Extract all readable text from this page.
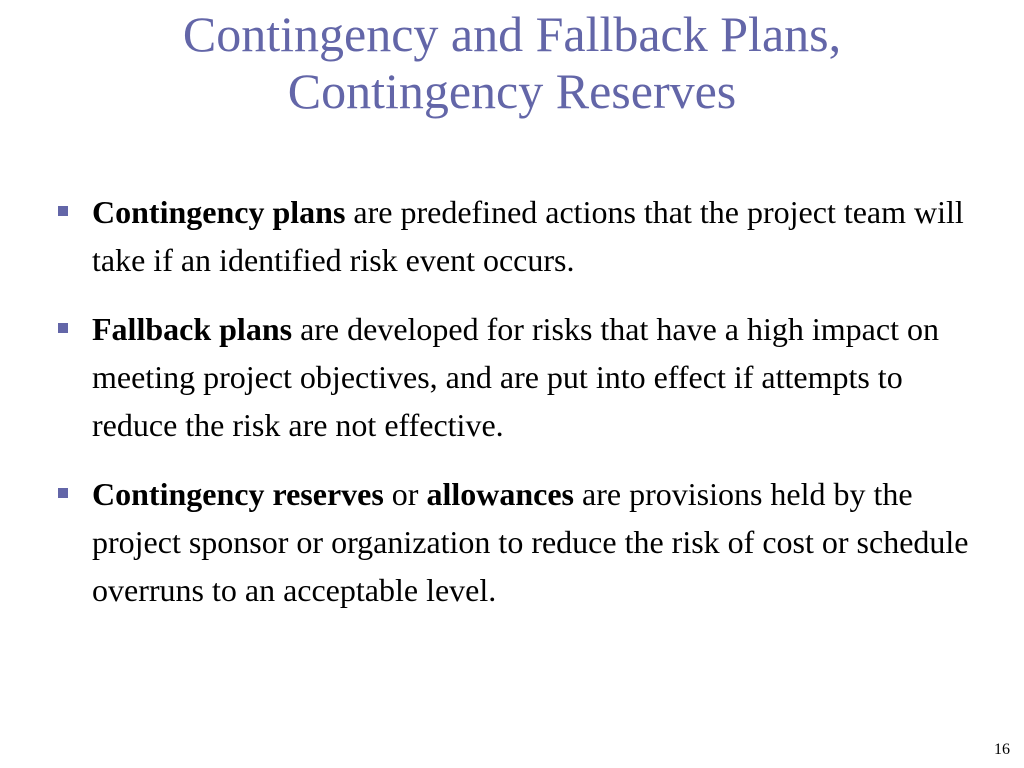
Contingency and Fallback Plans,
Contingency Reserves
Contingency plans are predefined actions that the project team will take if an identified risk event occurs.
Fallback plans are developed for risks that have a high impact on meeting project objectives, and are put into effect if attempts to reduce the risk are not effective.
Contingency reserves or allowances are provisions held by the project sponsor or organization to reduce the risk of cost or schedule overruns to an acceptable level.
16
